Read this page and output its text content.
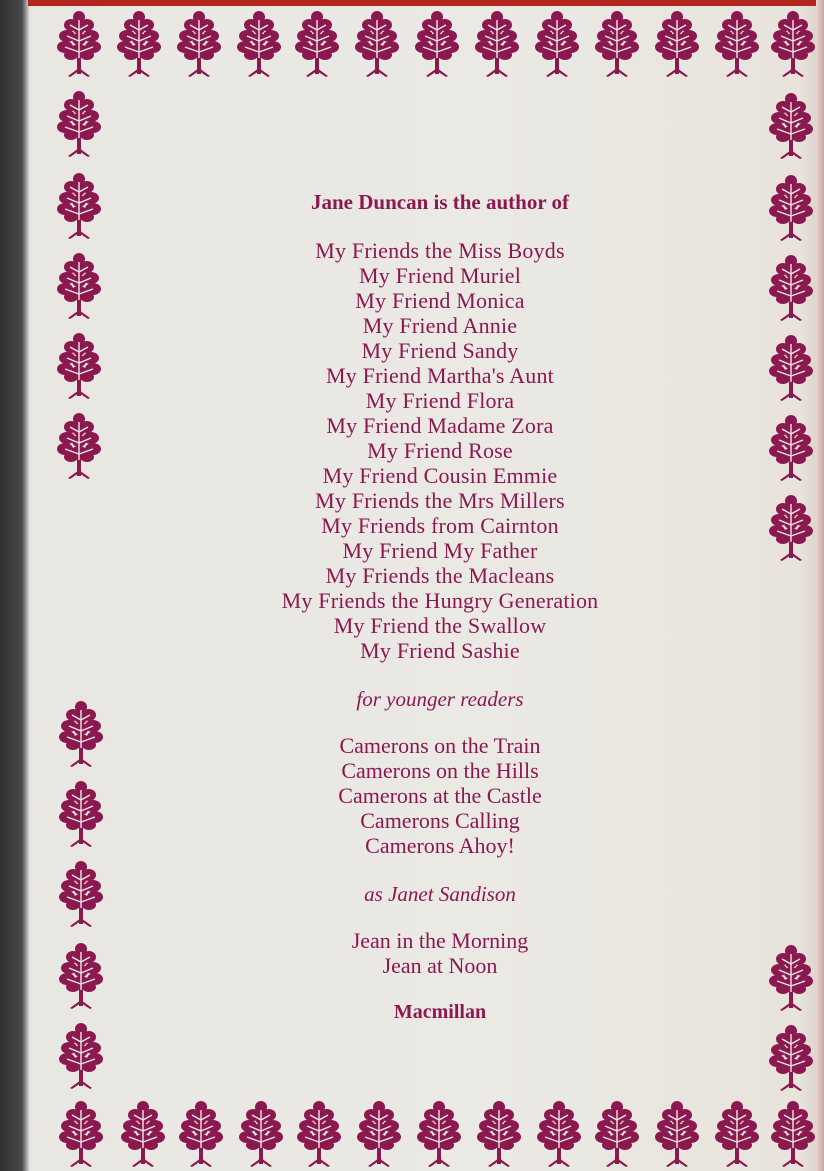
Jane Duncan is the author of

My Friends the Miss Boyds
My Friend Muriel
My Friend Monica
My Friend Annie
My Friend Sandy
My Friend Martha's Aunt
My Friend Flora
My Friend Madame Zora
My Friend Rose
My Friend Cousin Emmie
My Friends the Mrs Millers
My Friends from Cairnton
My Friend My Father
My Friends the Macleans
My Friends the Hungry Generation
My Friend the Swallow
My Friend Sashie

for younger readers

Camerons on the Train
Camerons on the Hills
Camerons at the Castle
Camerons Calling
Camerons Ahoy!

as Janet Sandison

Jean in the Morning
Jean at Noon

Macmillan
